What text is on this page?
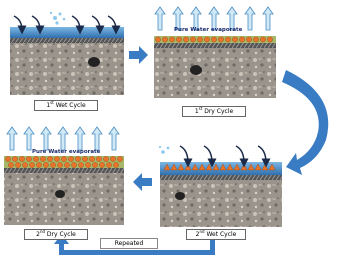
Pure Water evaporate
Pure Water evaporate
1st Wet Cycle
1st Dry Cycle
2nd Wet Cycle
2nd Dry Cycle
Repeated
